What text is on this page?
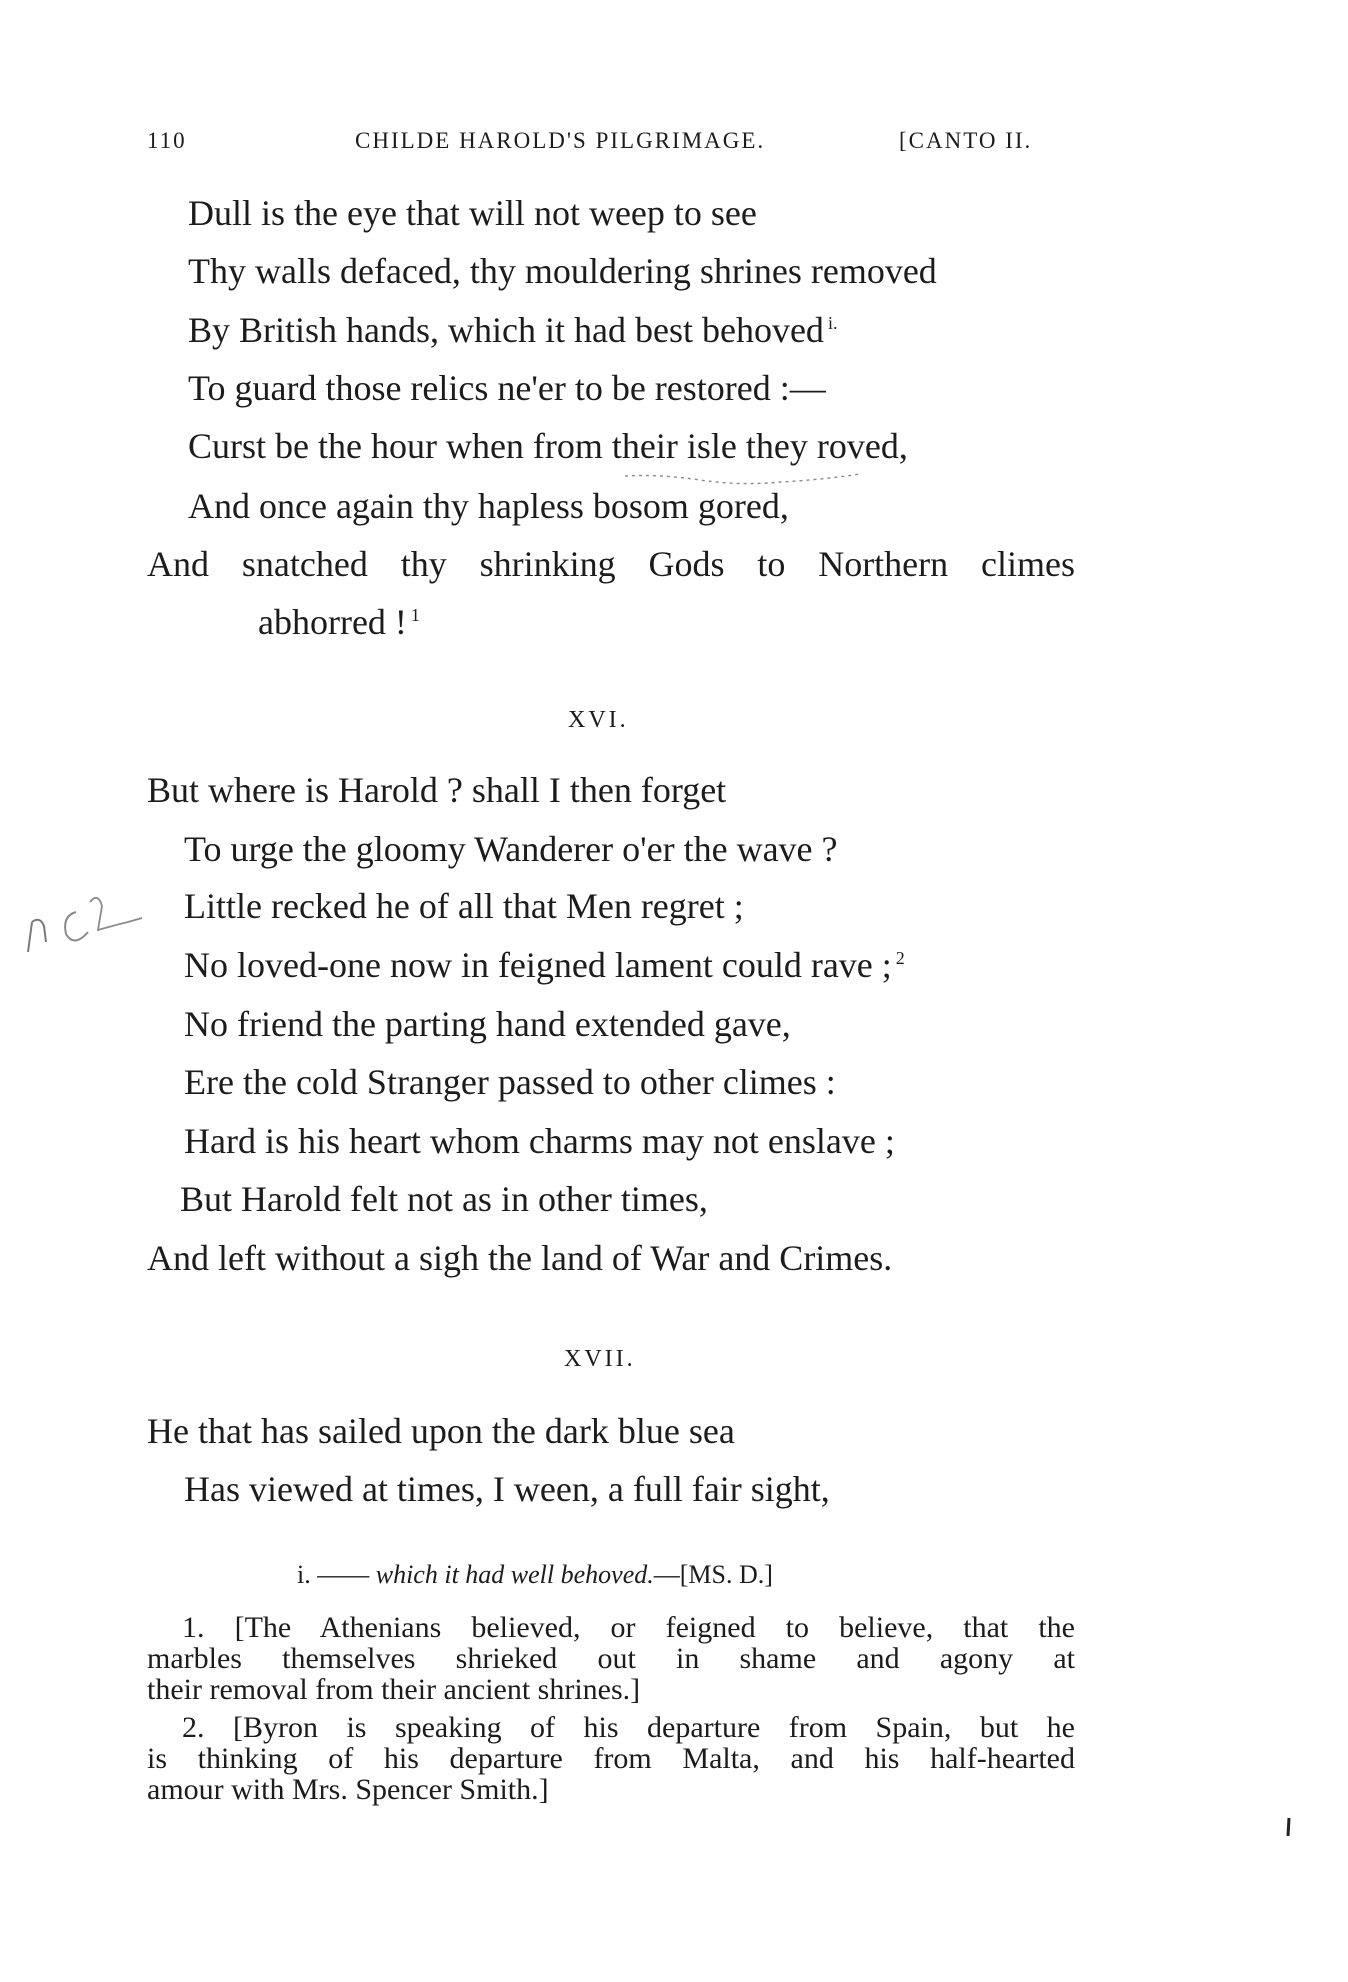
110	CHILDE HAROLD'S PILGRIMAGE.	[CANTO II.
Dull is the eye that will not weep to see
Thy walls defaced, thy mouldering shrines removed
By British hands, which it had best behoved $^{i.}$
To guard those relics ne'er to be restored :—
Curst be the hour when from their isle they roved,
And once again thy hapless bosom gored,
And snatched thy shrinking Gods to Northern climes
abhorred ! $^1$
XVI.
But where is Harold ? shall I then forget
To urge the gloomy Wanderer o'er the wave ?
Little recked he of all that Men regret ;
No loved-one now in feigned lament could rave ; $^2$
No friend the parting hand extended gave,
Ere the cold Stranger passed to other climes :
Hard is his heart whom charms may not enslave ;
But Harold felt not as in other times,
And left without a sigh the land of War and Crimes.
XVII.
He that has sailed upon the dark blue sea
Has viewed at times, I ween, a full fair sight,
i. —— which it had well behoved.—[MS. D.]
1. [The Athenians believed, or feigned to believe, that the
marbles themselves shrieked out in shame and agony at
their removal from their ancient shrines.]
2. [Byron is speaking of his departure from Spain, but he
is thinking of his departure from Malta, and his half-hearted
amour with Mrs. Spencer Smith.]
